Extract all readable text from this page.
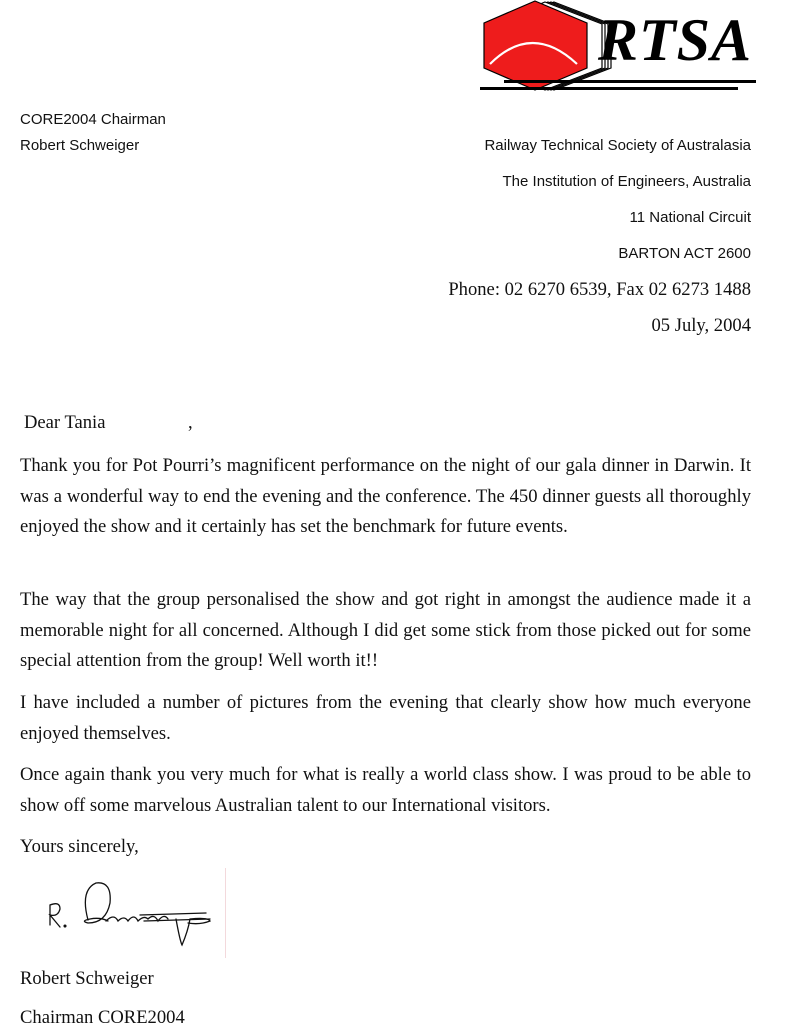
RTSA
CORE2004 Chairman
Robert Schweiger	Railway Technical Society of Australasia
The Institution of Engineers, Australia
11 National Circuit
BARTON ACT 2600
Phone: 02 6270 6539, Fax 02 6273 1488
05 July, 2004
Dear Tania	,

Thank you for Pot Pourri’s magnificent performance on the night of our gala dinner in Darwin. It was a wonderful way to end the evening and the conference. The 450 dinner guests all thoroughly enjoyed the show and it certainly has set the benchmark for future events.

The way that the group personalised the show and got right in amongst the audience made it a memorable night for all concerned. Although I did get some stick from those picked out for some special attention from the group! Well worth it!!

I have included a number of pictures from the evening that clearly show how much everyone enjoyed themselves.

Once again thank you very much for what is really a world class show. I was proud to be able to show off some marvelous Australian talent to our International visitors.

Yours sincerely,
Robert Schweiger
Chairman CORE2004
